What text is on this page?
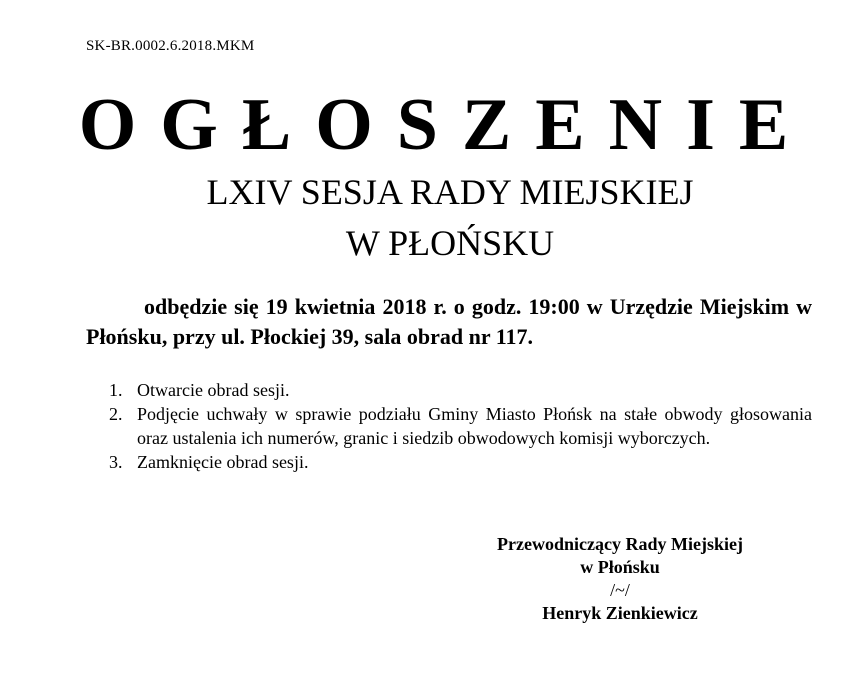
SK-BR.0002.6.2018.MKM
OGŁOSZENIE
LXIV SESJA RADY MIEJSKIEJ
W PŁOŃSKU
odbędzie się 19 kwietnia 2018 r. o godz. 19:00 w Urzędzie Miejskim w Płońsku, przy ul. Płockiej 39, sala obrad nr 117.
1. Otwarcie obrad sesji.
2. Podjęcie uchwały w sprawie podziału Gminy Miasto Płońsk na stałe obwody głosowania oraz ustalenia ich numerów, granic i siedzib obwodowych komisji wyborczych.
3. Zamknięcie obrad sesji.
Przewodniczący Rady Miejskiej
w Płońsku
/~/
Henryk Zienkiewicz
